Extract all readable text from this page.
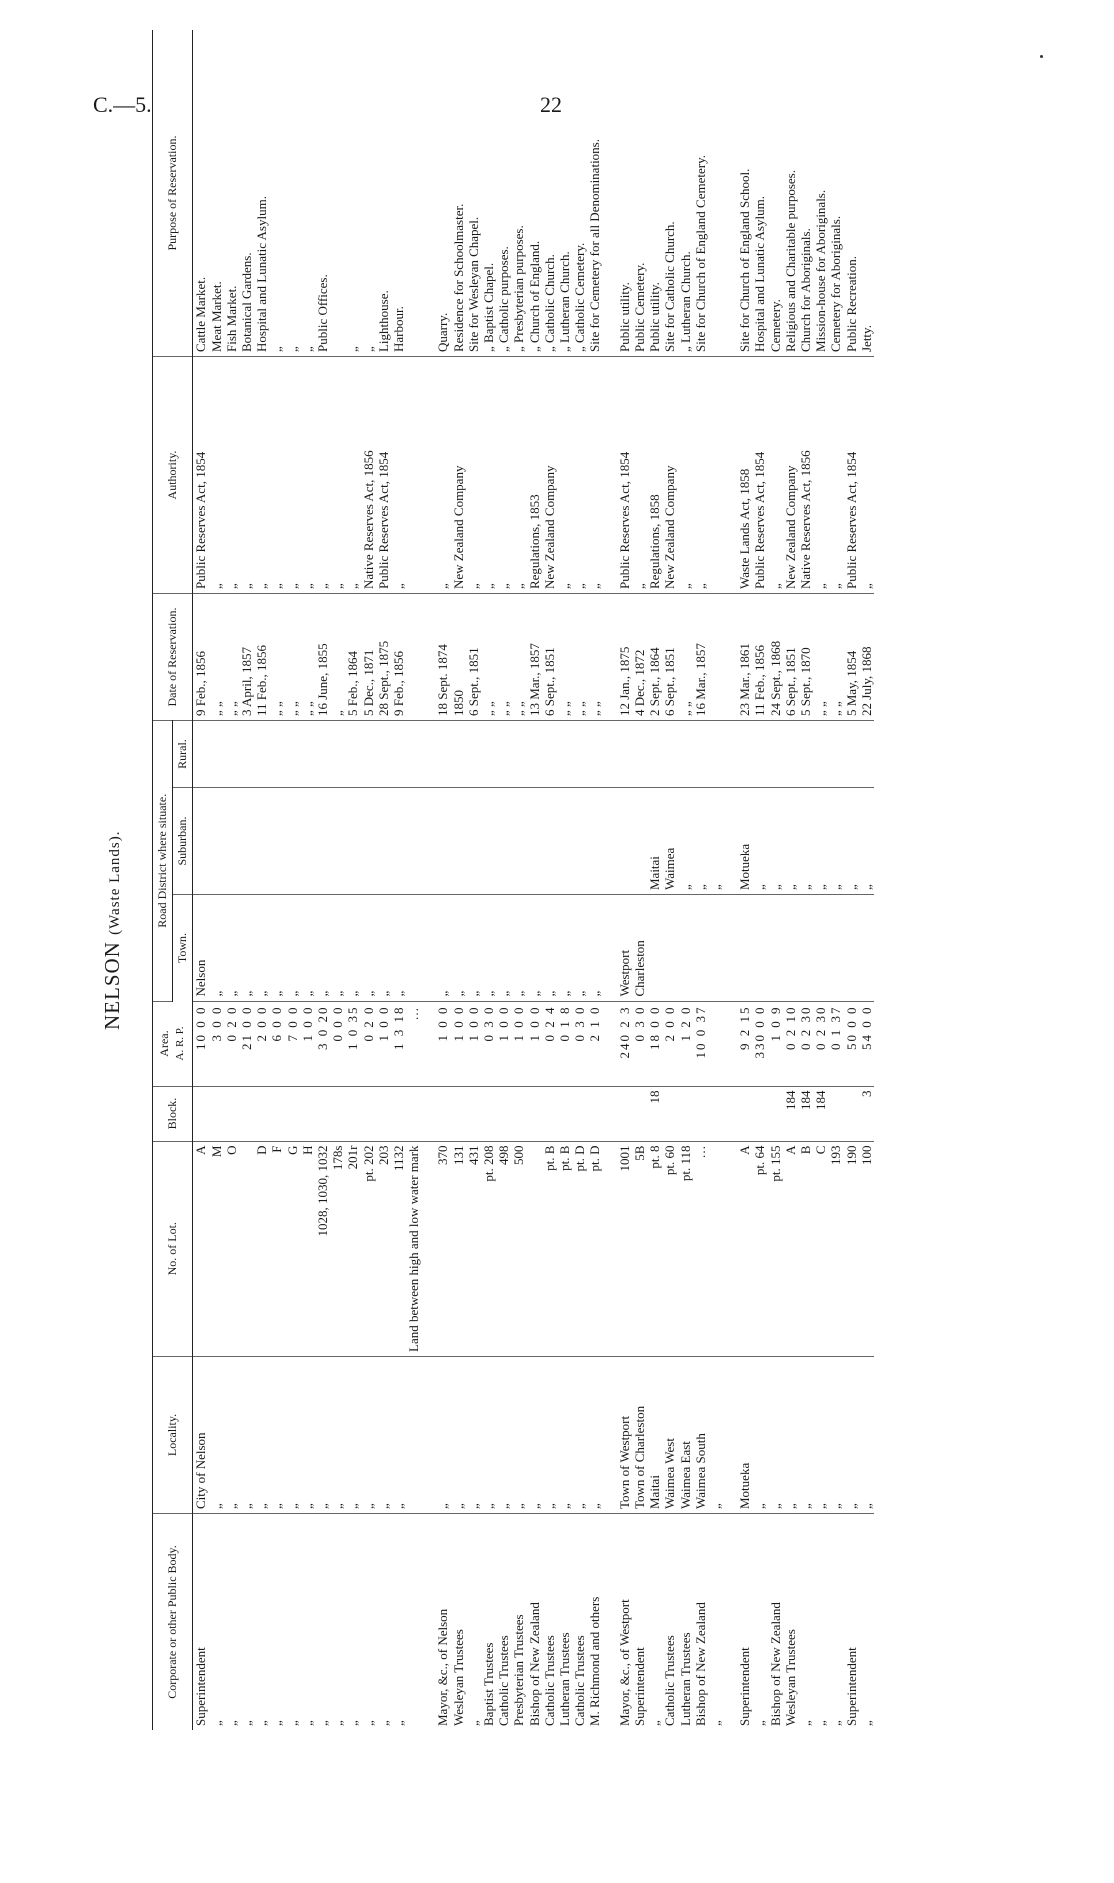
C.—5.	22
NELSON (Waste Lands).
Corporate or other Public Body.	Locality.	No. of Lot.	Block.	Area. A. R. P.	Road District where situate.			Date of Reservation.	Authority.	Purpose of Reservation.
					Town.	Suburban.	Rural.			
Superintendent	City of Nelson	A		10 0 0	Nelson			9 Feb., 1856	Public Reserves Act, 1854	Cattle Market.
„	„	M		3 0 0	„			„ „	„	Meat Market.
„	„	O		0 2 0	„			„ „	„	Fish Market.
„	„			21 0 0	„			3 April, 1857	„	Botanical Gardens.
„	„	D		2 0 0	„			11 Feb., 1856	„	Hospital and Lunatic Asylum.
„	„	F		6 0 0	„			„ „	„	„
„	„	G		7 0 0	„			„ „	„	„
„	„	H		1 0 0	„			„ „	„	„
„	„	1028, 1030, 1032		3 0 20	„			16 June, 1855	„	Public Offices.
„	„	178s		0 0 0	„			„	„	
„	„	201r		1 0 35	„			5 Feb., 1864	„	„
„	„	pt. 202		0 2 0	„			5 Dec., 1871	Native Reserves Act, 1856	„
„	„	203		1 0 0	„			28 Sept., 1875	Public Reserves Act, 1854	Lighthouse.
„	„	1132		1 3 18	„			9 Feb., 1856	„	Harbour.
		Land between high and low water mark		…						

Mayor, &c., of Nelson	„	370		1 0 0	„			18 Sept. 1874	„	Quarry.
Wesleyan Trustees	„	131		1 0 0	„			1850	New Zealand Company	Residence for Schoolmaster.
„	„	431		1 0 0	„			6 Sept., 1851	„	Site for Wesleyan Chapel.
Baptist Trustees	„	pt. 208		0 3 0	„			„ „	„	„ Baptist Chapel.
Catholic Trustees	„	498		1 0 0	„			„ „	„	„ Catholic purposes.
Presbyterian Trustees	„	500		1 0 0	„			„ „	„	„ Presbyterian purposes.
Bishop of New Zealand	„			1 0 0	„			13 Mar., 1857	Regulations, 1853	„ Church of England.
Catholic Trustees	„	pt. B		0 2 4	„			6 Sept., 1851	New Zealand Company	„ Catholic Church.
Lutheran Trustees	„	pt. B		0 1 8	„			„ „	„	„ Lutheran Church.
Catholic Trustees	„	pt. D		0 3 0	„			„ „	„	„ Catholic Cemetery.
M. Richmond and others	„	pt. D		2 1 0	„			„ „	„	Site for Cemetery for all Denominations.

Mayor, &c., of Westport	Town of Westport	1001		240 2 3	Westport			12 Jan., 1875	Public Reserves Act, 1854	Public utility.
Superintendent	Town of Charleston	5B		0 3 0	Charleston			4 Dec., 1872	„	Public Cemetery.
„	Maitai	pt. 8	18	18 0 0		Maitai		2 Sept., 1864	Regulations, 1858	Public utility.
Catholic Trustees	Waimea West	pt. 60		2 0 0		Waimea		6 Sept., 1851	New Zealand Company	Site for Catholic Church.
Lutheran Trustees	Waimea East	pt. 118		1 2 0		„		„ „	„	„ Lutheran Church.
Bishop of New Zealand	Waimea South	…		10 0 37		„		16 Mar., 1857	„	Site for Church of England Cemetery.
„	„					„				

Superintendent	Motueka	A		9 2 15		Motueka		23 Mar., 1861	Waste Lands Act, 1858	Site for Church of England School.
„	„	pt. 64		330 0 0		„		11 Feb., 1856	Public Reserves Act, 1854	Hospital and Lunatic Asylum.
Bishop of New Zealand	„	pt. 155		1 0 9		„		24 Sept., 1868	„	Cemetery.
Wesleyan Trustees	„	A	184	0 2 10		„		6 Sept., 1851	New Zealand Company	Religious and Charitable purposes.
„	„	B	184	0 2 30		„		5 Sept., 1870	Native Reserves Act, 1856	Church for Aboriginals.
„	„	C	184	0 2 30		„		„ „	„	Mission-house for Aboriginals.
„	„	193		0 1 37		„		„ „	„	Cemetery for Aboriginals.
Superintendent	„	190		50 0 0		„		5 May, 1854	Public Reserves Act, 1854	Public Recreation.
„	„	100	3	54 0 0		„		22 July, 1868	„	Jetty.
